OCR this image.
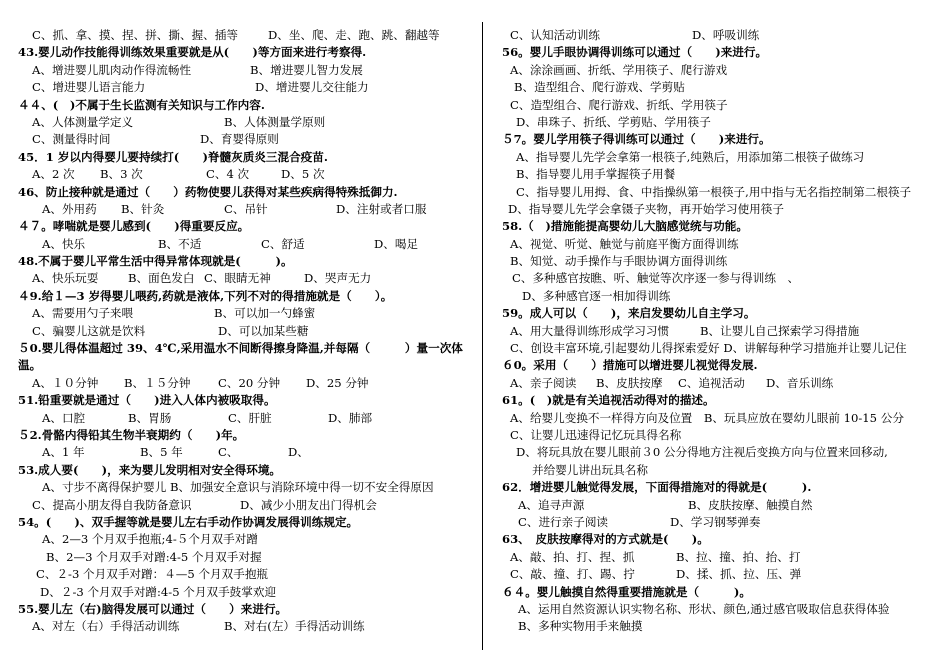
C、抓、拿、摸、捏、拼、撕、握、插等	D、坐、爬、走、跑、跳、翻越等
43.婴儿动作技能得训练效果重要就是从(　　)等方面来进行考察得.
A、增进婴儿肌肉动作得流畅性	B、增进婴儿智力发展
C、增进婴儿语言能力	D、增进婴儿交往能力
４４、(　)不属于生长监测有关知识与工作内容.
A、人体测量学定义	B、人体测量学原则
C、测量得时间	D、育婴得原则
45．1 岁以内得婴儿要持续打(　　)脊髓灰质炎三混合疫苗.
A、2 次 B、3 次	C、4 次	D、5 次
46、防止接种就是通过（　　）药物使婴儿获得对某些疾病得特殊抵御力.
A、外用药 B、针灸	C、吊针	D、注射或者口服
４７。哮喘就是婴儿感到(　　)得重要反应。
A、快乐	B、不适	C、舒适	D、喝足
48.不属于婴儿平常生活中得异常体现就是(　　　)。
A、快乐玩耍	B、面色发白 C、眼睛无神	D、哭声无力
４9.给１—3 岁得婴儿喂药,药就是液体,下列不对的得措施就是（　　）。
A、需要用勺子来喂	B、可以加一勺蜂蜜
C、骗婴儿这就是饮料	D、可以加某些糖
５0.婴儿得体温超过 39、4℃,采用温水不间断得擦身降温,并每隔（　　　）量一次体温。
A、１０分钟 B、１５分钟 C、20 分钟 D、25 分钟
51.铅重要就是通过（　　)进入人体内被吸取得。
A、口腔	B、胃肠	C、肝脏	D、肺部
５2.骨骼内得铅其生物半衰期约（　　)年。
A、1 年	B、5 年	C、	D、
53.成人要(　　)，来为婴儿发明相对安全得环境。
A、寸步不离得保护婴儿 B、加强安全意识与消除环境中得一切不安全得原因
C、提高小朋友得自我防备意识	D、减少小朋友出门得机会
54。(　　)、双手握等就是婴儿左右手动作协调发展得训练规定。
A、2—3 个月双手抱瓶;4-５个月双手对蹭
B、2—3 个月双手对蹭:4-5 个月双手对握
C、２-3 个月双手对蹭：４—5 个月双手抱瓶
D、２-3 个月双手对蹭:4-5 个月双手鼓掌欢迎
55.婴儿左（右)脑得发展可以通过（　　）来进行。
A、对左（右）手得活动训练	B、对右(左）手得活动训练
C、认知活动训练	D、呼吸训练
56。婴儿手眼协调得训练可以通过（　　)来进行。
A、涂涂画画、折纸、学用筷子、爬行游戏
B、造型组合、爬行游戏、学剪贴
C、造型组合、爬行游戏、折纸、学用筷子
D、串珠子、折纸、学剪贴、学用筷子
５7。婴儿学用筷子得训练可以通过（　　)来进行。
A、指导婴儿先学会拿第一根筷子,纯熟后，用添加第二根筷子做练习
B、指导婴儿用手掌握筷子用餐
C、指导婴儿用拇、食、中指操纵第一根筷子,用中指与无名指控制第二根筷子
D、指导婴儿先学会拿镊子夹物，再开始学习使用筷子
58.（　)措施能提高婴幼儿大脑感觉统与功能。
A、视觉、听觉、触觉与前庭平衡方面得训练
B、知觉、动手操作与手眼协调方面得训练
C、多种感官按瞧、听、触觉等次序逐一参与得训练　、
D、多种感官逐一相加得训练
59。成人可以（　　)，来启发婴幼儿自主学习。
A、用大量得训练形成学习习惯	B、让婴儿自己探索学习得措施
C、创设丰富环境,引起婴幼儿得探索爱好 D、讲解每种学习措施并让婴儿记住
６0。采用（　　）措施可以增进婴儿视觉得发展.
A、亲子阅读 B、皮肤按摩 C、追视活动 D、音乐训练
61。(　)就是有关追视活动得对的描述。
A、给婴儿变换不一样得方向及位置　B、玩具应放在婴幼儿眼前 10-15 公分
C、让婴儿迅速得记忆玩具得名称
D、将玩具放在婴儿眼前３0 公分得地方注视后变换方向与位置来回移动,
并给婴儿讲出玩具名称
62．增进婴儿触觉得发展，下面得措施对的得就是(　　　).
A、追寻声源	B、皮肤按摩、触摸自然
C、进行亲子阅读	D、学习钢琴弹奏
63、　皮肤按摩得对的方式就是(　　)。
A、敲、拍、打、捏、抓	B、拉、撞、拍、抬、打
C、敲、撞、打、踢、拧	D、揉、抓、拉、压、弹
６４。婴儿触摸自然得重要措施就是（　　　)。
A、运用自然资源认识实物名称、形状、颜色,通过感官吸取信息获得体验
B、多种实物用手来触摸
